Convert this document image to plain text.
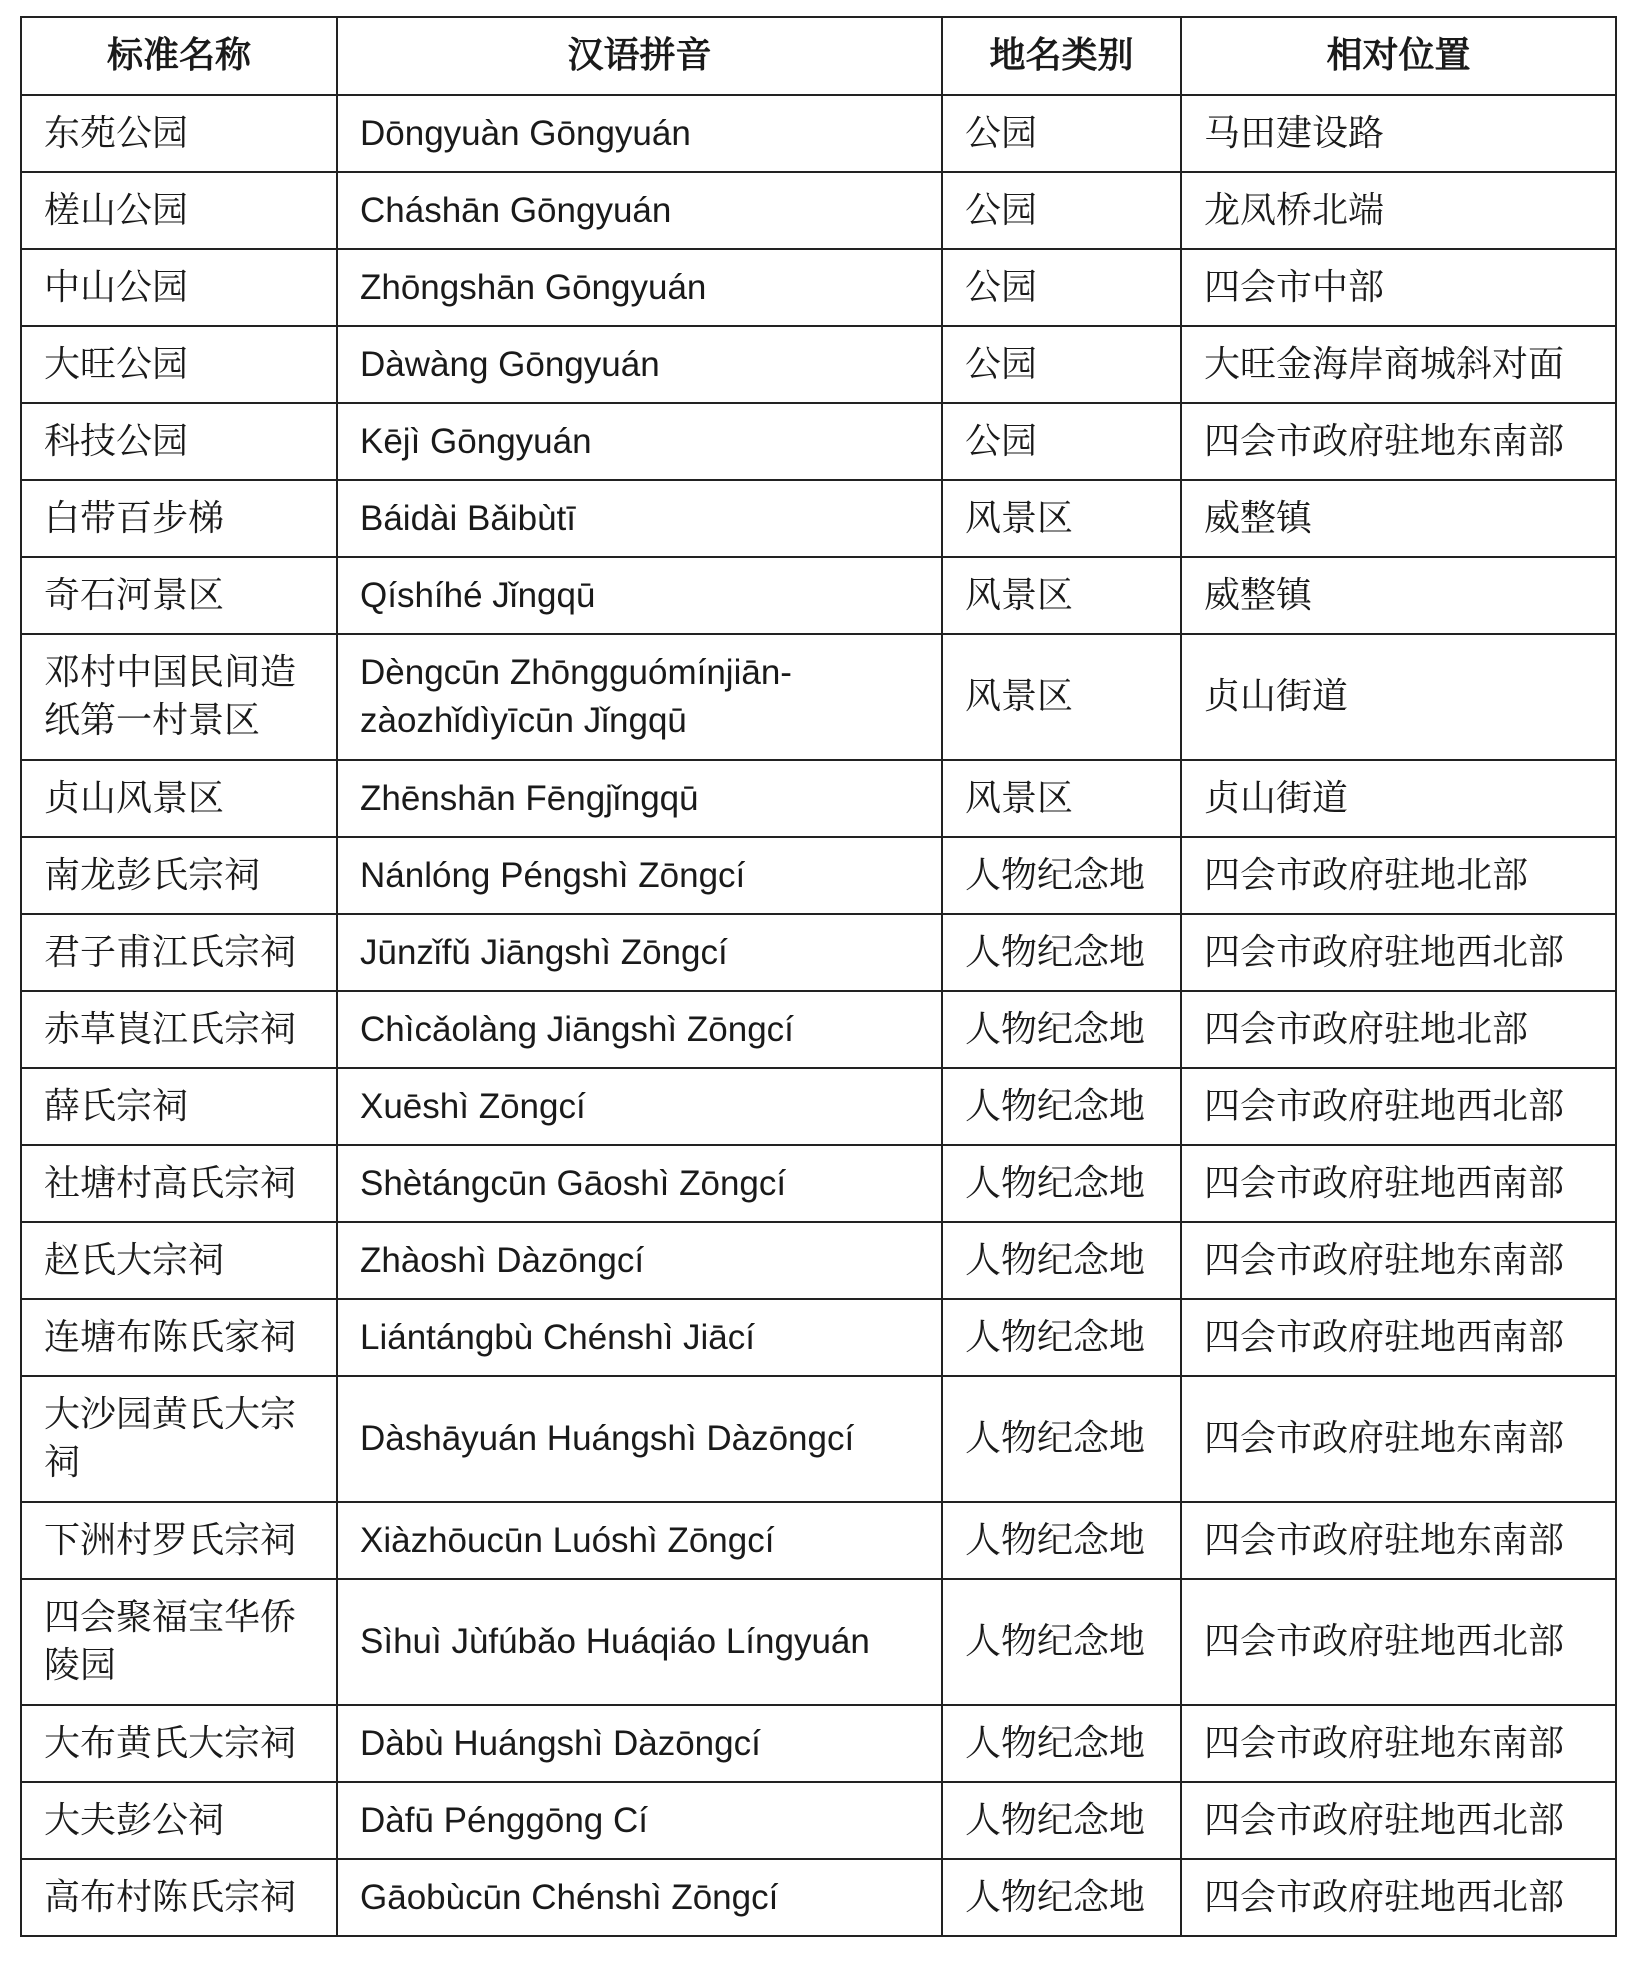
标准名称	汉语拼音	地名类别	相对位置
东苑公园	Dōngyuàn Gōngyuán	公园	马田建设路
槎山公园	Cháshān Gōngyuán	公园	龙凤桥北端
中山公园	Zhōngshān Gōngyuán	公园	四会市中部
大旺公园	Dàwàng Gōngyuán	公园	大旺金海岸商城斜对面
科技公园	Kējì Gōngyuán	公园	四会市政府驻地东南部
白带百步梯	Báidài Bǎibùtī	风景区	威整镇
奇石河景区	Qíshíhé Jǐngqū	风景区	威整镇
邓村中国民间造纸第一村景区	Dèngcūn Zhōngguómínjiān-zàozhǐdìyīcūn Jǐngqū	风景区	贞山街道
贞山风景区	Zhēnshān Fēngjǐngqū	风景区	贞山街道
南龙彭氏宗祠	Nánlóng Péngshì Zōngcí	人物纪念地	四会市政府驻地北部
君子甫江氏宗祠	Jūnzǐfǔ Jiāngshì Zōngcí	人物纪念地	四会市政府驻地西北部
赤草崀江氏宗祠	Chìcǎolàng Jiāngshì Zōngcí	人物纪念地	四会市政府驻地北部
薛氏宗祠	Xuēshì Zōngcí	人物纪念地	四会市政府驻地西北部
社塘村高氏宗祠	Shètángcūn Gāoshì Zōngcí	人物纪念地	四会市政府驻地西南部
赵氏大宗祠	Zhàoshì Dàzōngcí	人物纪念地	四会市政府驻地东南部
连塘布陈氏家祠	Liántángbù Chénshì Jiācí	人物纪念地	四会市政府驻地西南部
大沙园黄氏大宗祠	Dàshāyuán Huángshì Dàzōngcí	人物纪念地	四会市政府驻地东南部
下洲村罗氏宗祠	Xiàzhōucūn Luóshì Zōngcí	人物纪念地	四会市政府驻地东南部
四会聚福宝华侨陵园	Sìhuì Jùfúbǎo Huáqiáo Língyuán	人物纪念地	四会市政府驻地西北部
大布黄氏大宗祠	Dàbù Huángshì Dàzōngcí	人物纪念地	四会市政府驻地东南部
大夫彭公祠	Dàfū Pénggōng Cí	人物纪念地	四会市政府驻地西北部
高布村陈氏宗祠	Gāobùcūn Chénshì Zōngcí	人物纪念地	四会市政府驻地西北部
